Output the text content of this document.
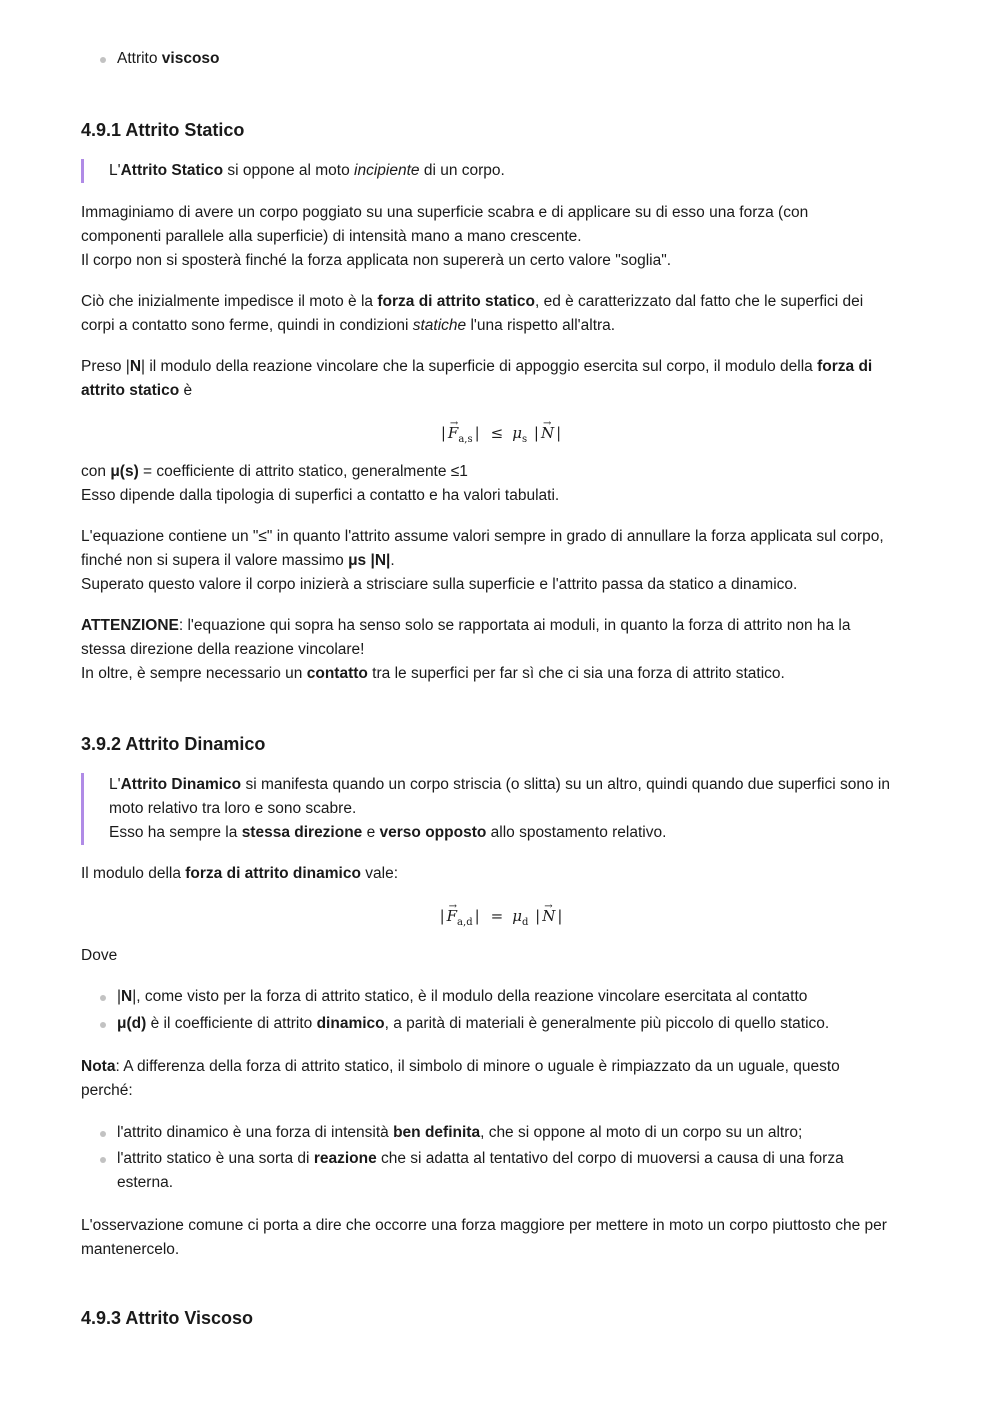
Attrito viscoso
4.9.1 Attrito Statico

L'Attrito Statico si oppone al moto incipiente di un corpo.

Immaginiamo di avere un corpo poggiato su una superficie scabra e di applicare su di esso una forza (con

componenti parallele alla superficie) di intensità mano a mano crescente.

Il corpo non si sposterà finché la forza applicata non supererà un certo valore "soglia".

Ciò che inizialmente impedisce il moto è la forza di attrito statico, ed è caratterizzato dal fatto che le superfici dei

corpi a contatto sono ferme, quindi in condizioni statiche l'una rispetto all'altra.

Preso |N| il modulo della reazione vincolare che la superficie di appoggio esercita sul corpo, il modulo della forza di

attrito statico è

| → $F_{a,s}$ | ≤ $\mu_s$ | → N |

con μ(s) = coefficiente di attrito statico, generalmente ≤1

Esso dipende dalla tipologia di superfici a contatto e ha valori tabulati.

L'equazione contiene un "≤" in quanto l'attrito assume valori sempre in grado di annullare la forza applicata sul corpo,

finché non si supera il valore massimo μs |N|.

Superato questo valore il corpo inizierà a strisciare sulla superficie e l'attrito passa da statico a dinamico.

ATTENZIONE: l'equazione qui sopra ha senso solo se rapportata ai moduli, in quanto la forza di attrito non ha la

stessa direzione della reazione vincolare!

In oltre, è sempre necessario un contatto tra le superfici per far sì che ci sia una forza di attrito statico.

3.9.2 Attrito Dinamico

L'Attrito Dinamico si manifesta quando un corpo striscia (o slitta) su un altro, quindi quando due superfici sono in

moto relativo tra loro e sono scabre.

Esso ha sempre la stessa direzione e verso opposto allo spostamento relativo.

Il modulo della forza di attrito dinamico vale:

| → $F_{a,d}$ | = $\mu_d$ | → N |

Dove

|N|, come visto per la forza di attrito statico, è il modulo della reazione vincolare esercitata al contatto
μ(d) è il coefficiente di attrito dinamico, a parità di materiali è generalmente più piccolo di quello statico.

Nota: A differenza della forza di attrito statico, il simbolo di minore o uguale è rimpiazzato da un uguale, questo

perché:

l'attrito dinamico è una forza di intensità ben definita, che si oppone al moto di un corpo su un altro;
l'attrito statico è una sorta di reazione che si adatta al tentativo del corpo di muoversi a causa di una forza
esterna.

L'osservazione comune ci porta a dire che occorre una forza maggiore per mettere in moto un corpo piuttosto che per

mantenercelo.

4.9.3 Attrito Viscoso
